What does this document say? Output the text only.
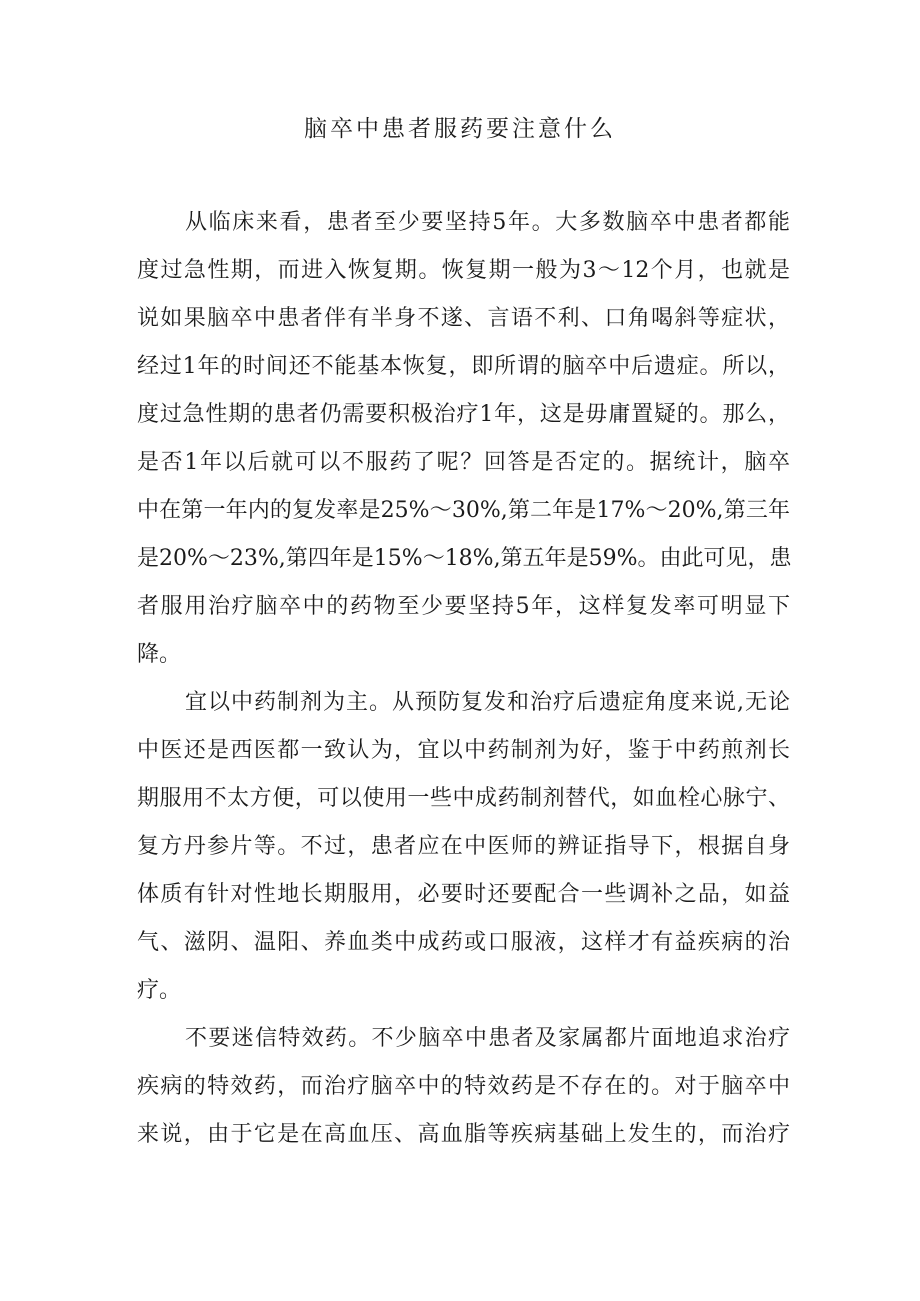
脑卒中患者服药要注意什么
从临床来看，患者至少要坚持5年。大多数脑卒中患者都能
度过急性期，而进入恢复期。恢复期一般为3～12个月，也就是
说如果脑卒中患者伴有半身不遂、言语不利、口角喝斜等症状，
经过1年的时间还不能基本恢复，即所谓的脑卒中后遗症。所以，
度过急性期的患者仍需要积极治疗1年，这是毋庸置疑的。那么，
是否1年以后就可以不服药了呢？回答是否定的。据统计，脑卒
中在第一年内的复发率是25%～30%,第二年是17%～20%,第三年
是20%～23%,第四年是15%～18%,第五年是59%。由此可见，患
者服用治疗脑卒中的药物至少要坚持5年，这样复发率可明显下
降。
宜以中药制剂为主。从预防复发和治疗后遗症角度来说,无论
中医还是西医都一致认为，宜以中药制剂为好，鉴于中药煎剂长
期服用不太方便，可以使用一些中成药制剂替代，如血栓心脉宁、
复方丹参片等。不过，患者应在中医师的辨证指导下，根据自身
体质有针对性地长期服用，必要时还要配合一些调补之品，如益
气、滋阴、温阳、养血类中成药或口服液，这样才有益疾病的治
疗。
不要迷信特效药。不少脑卒中患者及家属都片面地追求治疗
疾病的特效药，而治疗脑卒中的特效药是不存在的。对于脑卒中
来说，由于它是在高血压、高血脂等疾病基础上发生的，而治疗
